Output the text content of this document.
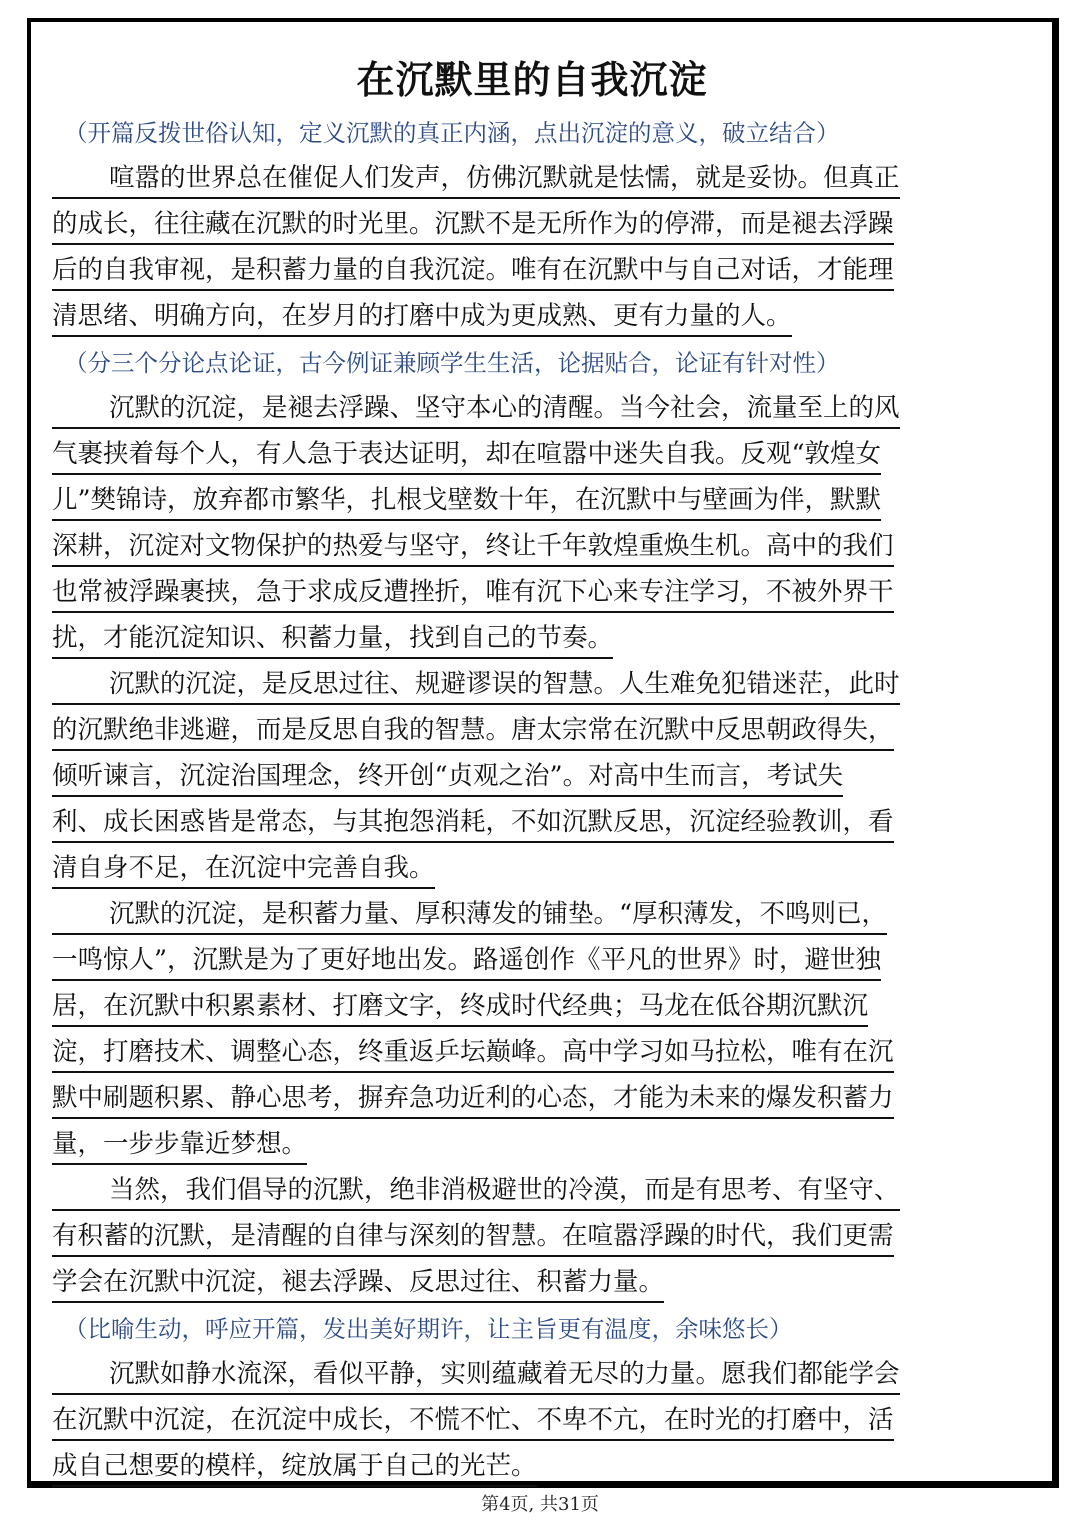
在沉默里的自我沉淀
（开篇反拨世俗认知，定义沉默的真正内涵，点出沉淀的意义，破立结合）
喧嚣的世界总在催促人们发声，仿佛沉默就是怯懦，就是妥协。但真正
的成长，往往藏在沉默的时光里。沉默不是无所作为的停滞，而是褪去浮躁
后的自我审视，是积蓄力量的自我沉淀。唯有在沉默中与自己对话，才能理
清思绪、明确方向，在岁月的打磨中成为更成熟、更有力量的人。
（分三个分论点论证，古今例证兼顾学生生活，论据贴合，论证有针对性）
沉默的沉淀，是褪去浮躁、坚守本心的清醒。当今社会，流量至上的风
气裹挟着每个人，有人急于表达证明，却在喧嚣中迷失自我。反观“敦煌女
儿”樊锦诗，放弃都市繁华，扎根戈壁数十年，在沉默中与壁画为伴，默默
深耕，沉淀对文物保护的热爱与坚守，终让千年敦煌重焕生机。高中的我们
也常被浮躁裹挟，急于求成反遭挫折，唯有沉下心来专注学习，不被外界干
扰，才能沉淀知识、积蓄力量，找到自己的节奏。
沉默的沉淀，是反思过往、规避谬误的智慧。人生难免犯错迷茫，此时
的沉默绝非逃避，而是反思自我的智慧。唐太宗常在沉默中反思朝政得失，
倾听谏言，沉淀治国理念，终开创“贞观之治”。对高中生而言，考试失
利、成长困惑皆是常态，与其抱怨消耗，不如沉默反思，沉淀经验教训，看
清自身不足，在沉淀中完善自我。
沉默的沉淀，是积蓄力量、厚积薄发的铺垫。“厚积薄发，不鸣则已，
一鸣惊人”，沉默是为了更好地出发。路遥创作《平凡的世界》时，避世独
居，在沉默中积累素材、打磨文字，终成时代经典；马龙在低谷期沉默沉
淀，打磨技术、调整心态，终重返乒坛巅峰。高中学习如马拉松，唯有在沉
默中刷题积累、静心思考，摒弃急功近利的心态，才能为未来的爆发积蓄力
量，一步步靠近梦想。
当然，我们倡导的沉默，绝非消极避世的冷漠，而是有思考、有坚守、
有积蓄的沉默，是清醒的自律与深刻的智慧。在喧嚣浮躁的时代，我们更需
学会在沉默中沉淀，褪去浮躁、反思过往、积蓄力量。
（比喻生动，呼应开篇，发出美好期许，让主旨更有温度，余味悠长）
沉默如静水流深，看似平静，实则蕴藏着无尽的力量。愿我们都能学会
在沉默中沉淀，在沉淀中成长，不慌不忙、不卑不亢，在时光的打磨中，活
成自己想要的模样，绽放属于自己的光芒。
第4页, 共31页
